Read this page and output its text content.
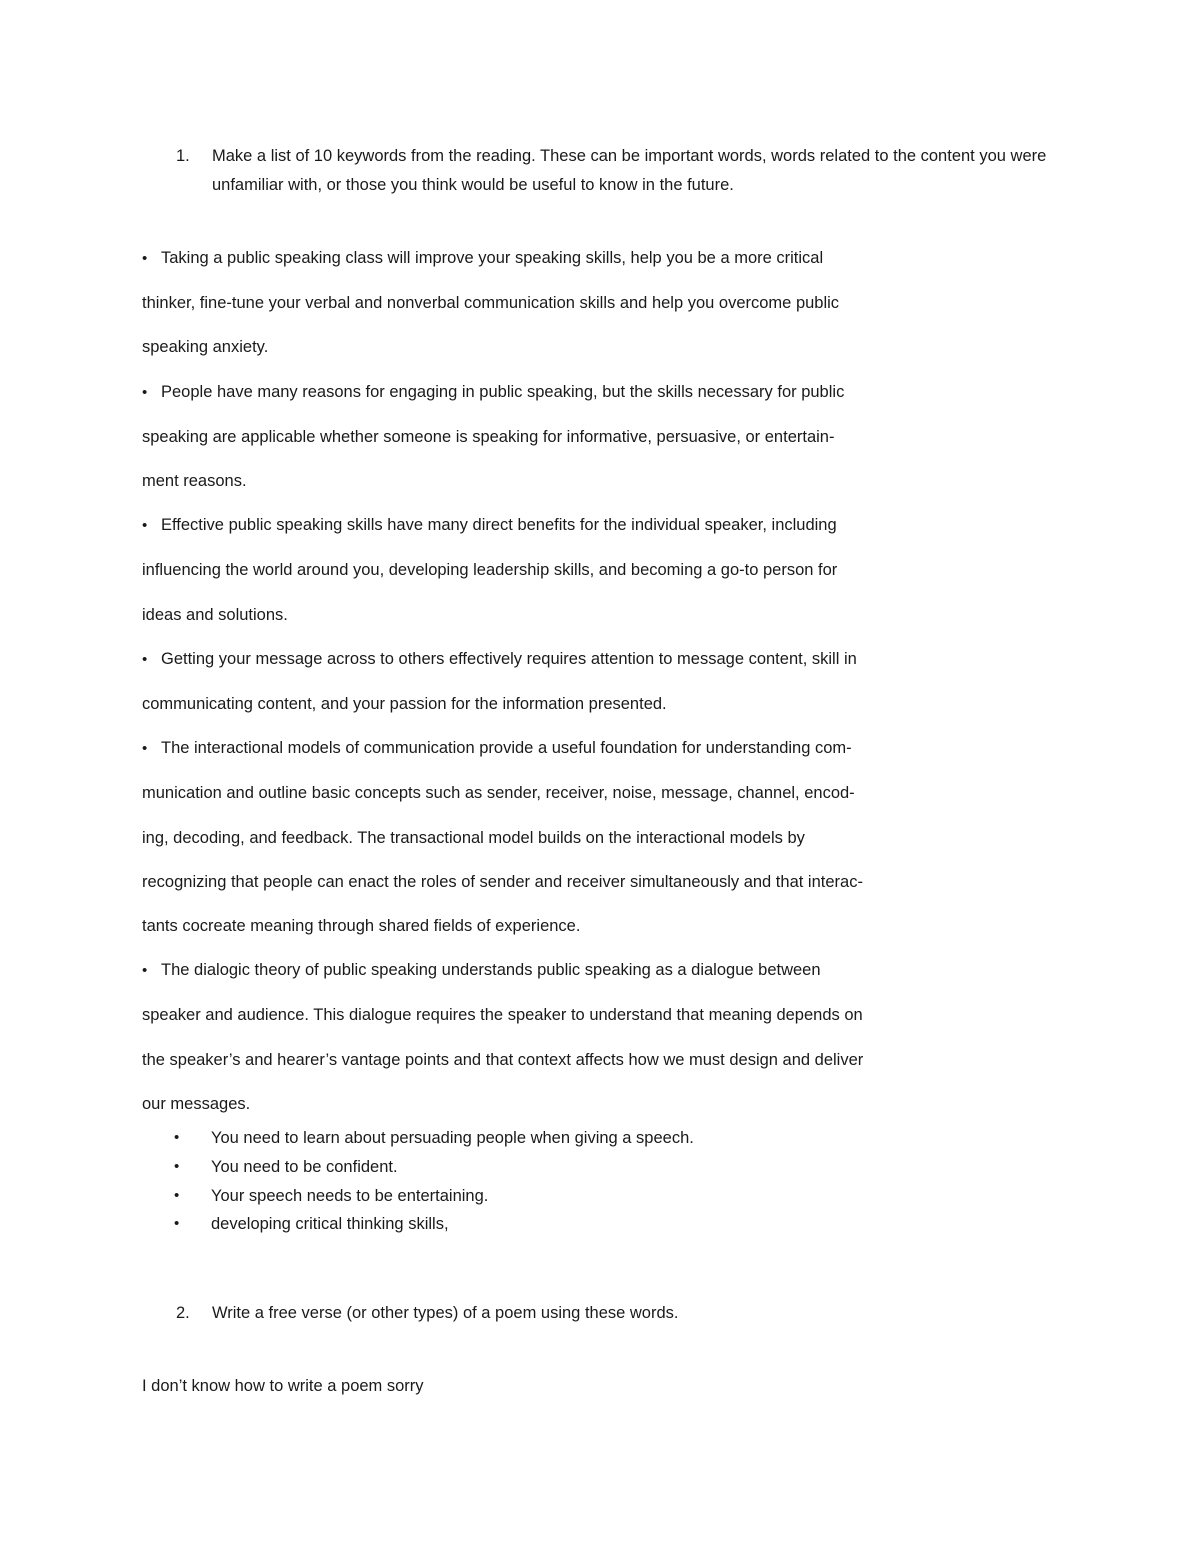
1. Make a list of 10 keywords from the reading. These can be important words, words related to the content you were unfamiliar with, or those you think would be useful to know in the future.
• Taking a public speaking class will improve your speaking skills, help you be a more critical
thinker, fine-tune your verbal and nonverbal communication skills and help you overcome public
speaking anxiety.
• People have many reasons for engaging in public speaking, but the skills necessary for public
speaking are applicable whether someone is speaking for informative, persuasive, or entertain-
ment reasons.
• Effective public speaking skills have many direct benefits for the individual speaker, including
influencing the world around you, developing leadership skills, and becoming a go-to person for
ideas and solutions.
• Getting your message across to others effectively requires attention to message content, skill in
communicating content, and your passion for the information presented.
• The interactional models of communication provide a useful foundation for understanding com-
munication and outline basic concepts such as sender, receiver, noise, message, channel, encod-
ing, decoding, and feedback. The transactional model builds on the interactional models by
recognizing that people can enact the roles of sender and receiver simultaneously and that interac-
tants cocreate meaning through shared fields of experience.
• The dialogic theory of public speaking understands public speaking as a dialogue between
speaker and audience. This dialogue requires the speaker to understand that meaning depends on
the speaker’s and hearer’s vantage points and that context affects how we must design and deliver
our messages.
• You need to learn about persuading people when giving a speech.
• You need to be confident.
• Your speech needs to be entertaining.
• developing critical thinking skills,
2. Write a free verse (or other types) of a poem using these words.
I don’t know how to write a poem sorry
